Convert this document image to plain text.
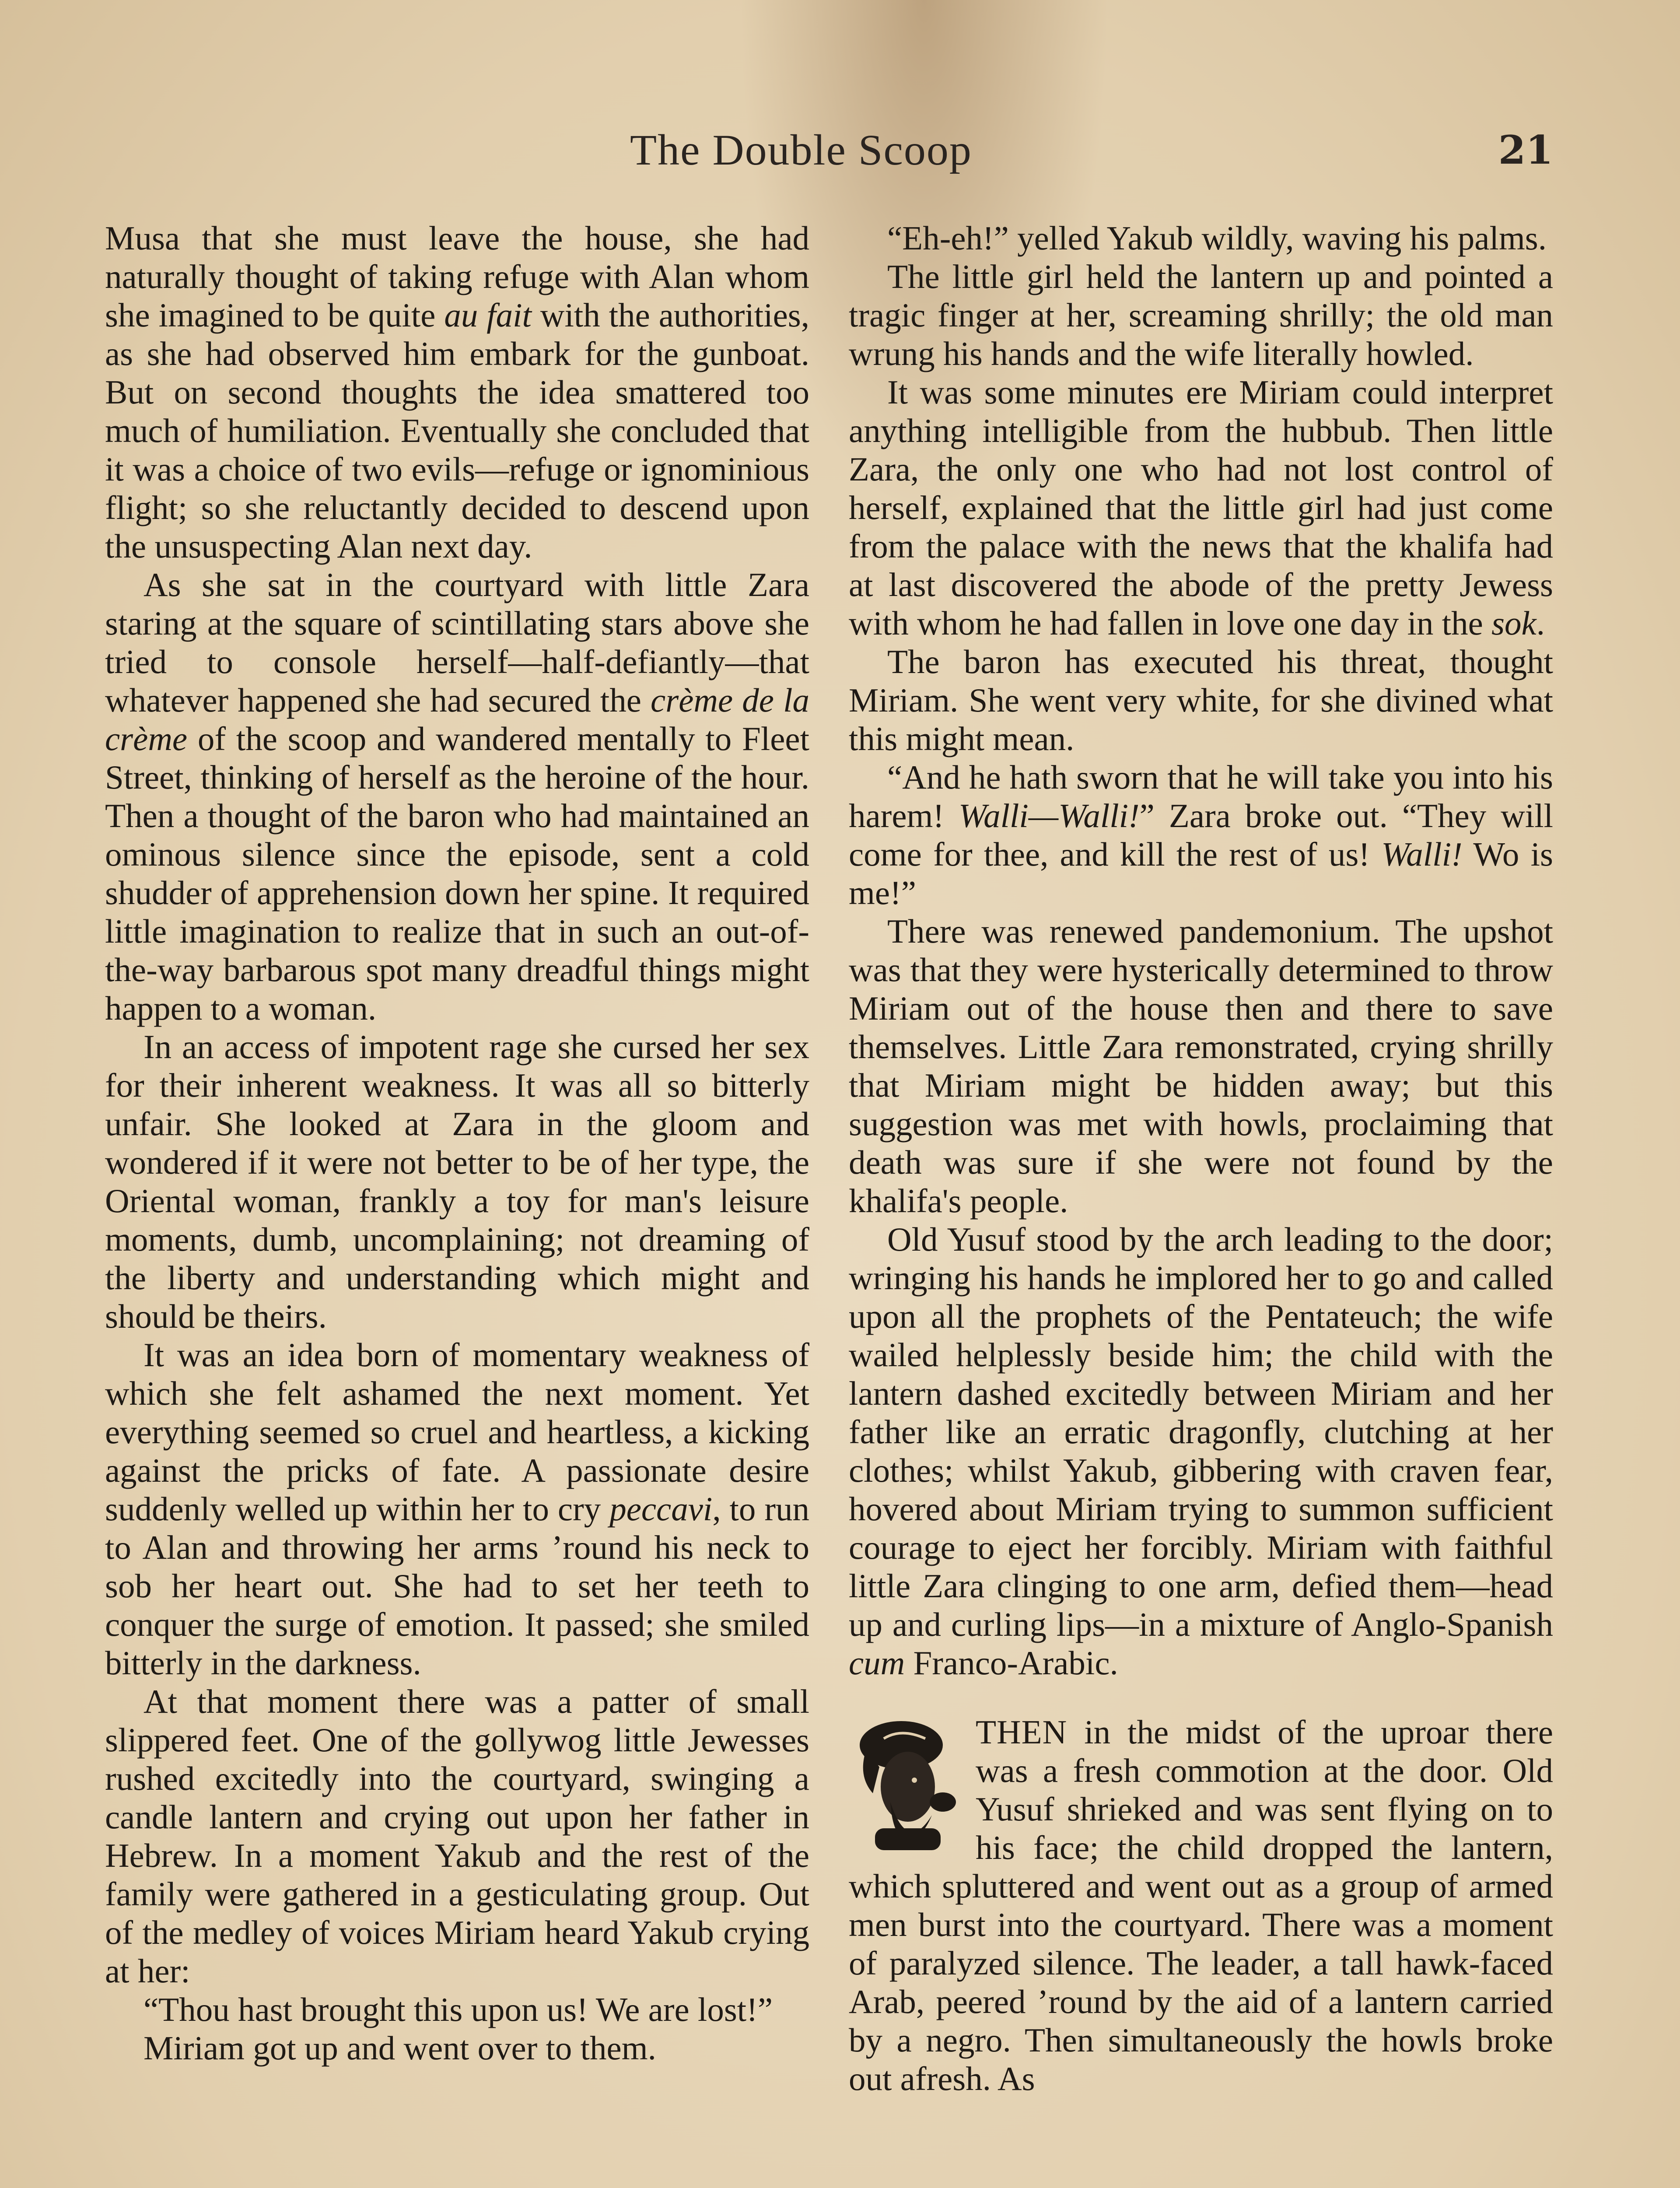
The Double Scoop	21

Musa that she must leave the house, she had naturally thought of taking refuge with Alan whom she imagined to be quite au fait with the authorities, as she had observed him embark for the gunboat. But on second thoughts the idea smattered too much of humiliation. Eventually she concluded that it was a choice of two evils—refuge or ignominious flight; so she reluctantly decided to descend upon the unsuspecting Alan next day.

As she sat in the courtyard with little Zara staring at the square of scintillating stars above she tried to console herself—half-defiantly—that whatever happened she had secured the crème de la crème of the scoop and wandered mentally to Fleet Street, thinking of herself as the heroine of the hour. Then a thought of the baron who had maintained an ominous silence since the episode, sent a cold shudder of apprehension down her spine. It required little imagination to realize that in such an out-of-the-way barbarous spot many dreadful things might happen to a woman.

In an access of impotent rage she cursed her sex for their inherent weakness. It was all so bitterly unfair. She looked at Zara in the gloom and wondered if it were not better to be of her type, the Oriental woman, frankly a toy for man's leisure moments, dumb, uncomplaining; not dreaming of the liberty and understanding which might and should be theirs.

It was an idea born of momentary weakness of which she felt ashamed the next moment. Yet everything seemed so cruel and heartless, a kicking against the pricks of fate. A passionate desire suddenly welled up within her to cry peccavi, to run to Alan and throwing her arms ’round his neck to sob her heart out. She had to set her teeth to conquer the surge of emotion. It passed; she smiled bitterly in the darkness.

At that moment there was a patter of small slippered feet. One of the gollywog little Jewesses rushed excitedly into the courtyard, swinging a candle lantern and crying out upon her father in Hebrew. In a moment Yakub and the rest of the family were gathered in a gesticulating group. Out of the medley of voices Miriam heard Yakub crying at her:

“Thou hast brought this upon us! We are lost!”

Miriam got up and went over to them.

“Eh-eh!” yelled Yakub wildly, waving his palms.

The little girl held the lantern up and pointed a tragic finger at her, screaming shrilly; the old man wrung his hands and the wife literally howled.

It was some minutes ere Miriam could interpret anything intelligible from the hubbub. Then little Zara, the only one who had not lost control of herself, explained that the little girl had just come from the palace with the news that the khalifa had at last discovered the abode of the pretty Jewess with whom he had fallen in love one day in the sok.

The baron has executed his threat, thought Miriam. She went very white, for she divined what this might mean.

“And he hath sworn that he will take you into his harem! Walli—Walli!” Zara broke out. “They will come for thee, and kill the rest of us! Walli! Wo is me!”

There was renewed pandemonium. The upshot was that they were hysterically determined to throw Miriam out of the house then and there to save themselves. Little Zara remonstrated, crying shrilly that Miriam might be hidden away; but this suggestion was met with howls, proclaiming that death was sure if she were not found by the khalifa's people.

Old Yusuf stood by the arch leading to the door; wringing his hands he implored her to go and called upon all the prophets of the Pentateuch; the wife wailed helplessly beside him; the child with the lantern dashed excitedly between Miriam and her father like an erratic dragonfly, clutching at her clothes; whilst Yakub, gibbering with craven fear, hovered about Miriam trying to summon sufficient courage to eject her forcibly. Miriam with faithful little Zara clinging to one arm, defied them—head up and curling lips—in a mixture of Anglo-Spanish cum Franco-Arabic.

THEN in the midst of the uproar there was a fresh commotion at the door. Old Yusuf shrieked and was sent flying on to his face; the child dropped the lantern, which spluttered and went out as a group of armed men burst into the courtyard. There was a moment of paralyzed silence. The leader, a tall hawk-faced Arab, peered ’round by the aid of a lantern carried by a negro. Then simultaneously the howls broke out afresh. As
